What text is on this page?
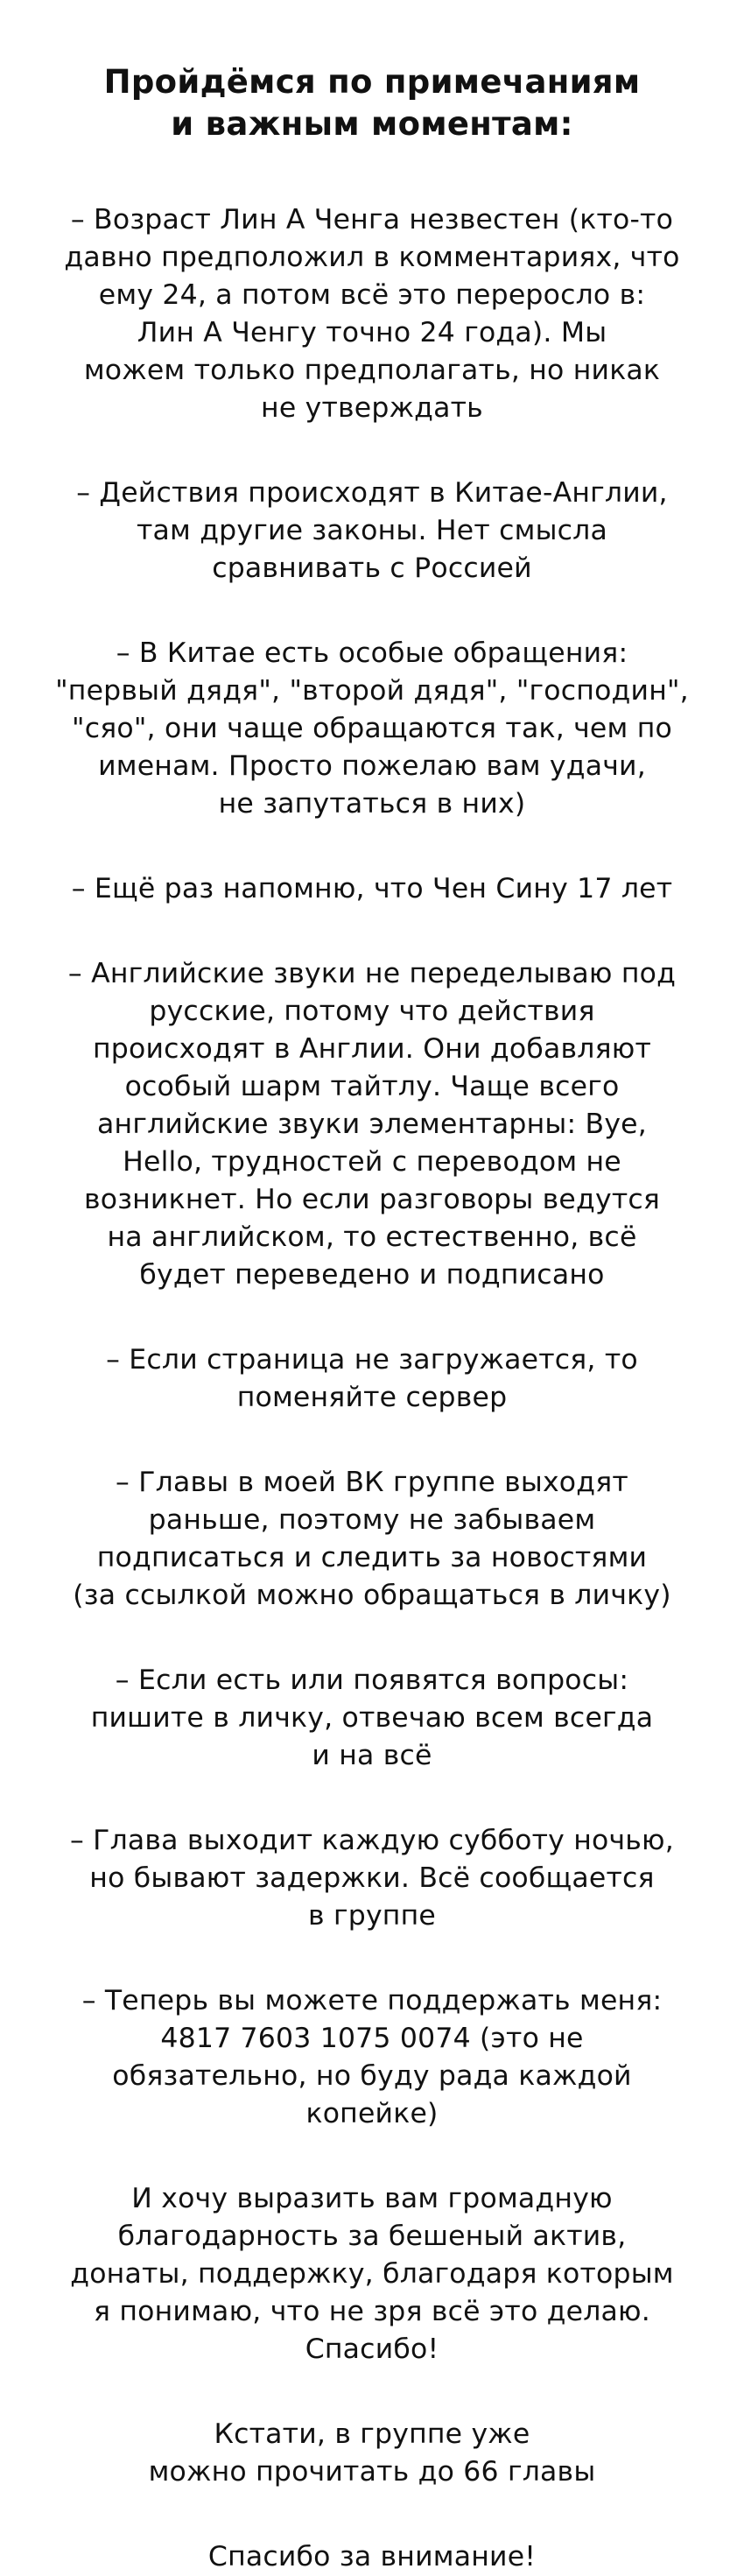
Пройдёмся по примечаниям
и важным моментам:
– Возраст Лин А Ченга незвестен (кто-то
давно предположил в комментариях, что
ему 24, а потом всё это переросло в:
Лин А Ченгу точно 24 года). Мы
можем только предполагать, но никак
не утверждать
– Действия происходят в Китае-Англии,
там другие законы. Нет смысла
сравнивать с Россией
– В Китае есть особые обращения:
"первый дядя", "второй дядя", "господин",
"сяо", они чаще обращаются так, чем по
именам. Просто пожелаю вам удачи,
не запутаться в них)
– Ещё раз напомню, что Чен Сину 17 лет
– Английские звуки не переделываю под
русские, потому что действия
происходят в Англии. Они добавляют
особый шарм тайтлу. Чаще всего
английские звуки элементарны: Bye,
Hello, трудностей с переводом не
возникнет. Но если разговоры ведутся
на английском, то естественно, всё
будет переведено и подписано
– Если страница не загружается, то
поменяйте сервер
– Главы в моей ВК группе выходят
раньше, поэтому не забываем
подписаться и следить за новостями
(за ссылкой можно обращаться в личку)
– Если есть или появятся вопросы:
пишите в личку, отвечаю всем всегда
и на всё
– Глава выходит каждую субботу ночью,
но бывают задержки. Всё сообщается
в группе
– Теперь вы можете поддержать меня:
4817 7603 1075 0074 (это не
обязательно, но буду рада каждой
копейке)
И хочу выразить вам громадную
благодарность за бешеный актив,
донаты, поддержку, благодаря которым
я понимаю, что не зря всё это делаю.
Спасибо!
Кстати, в группе уже
можно прочитать до 66 главы
Спасибо за внимание!
